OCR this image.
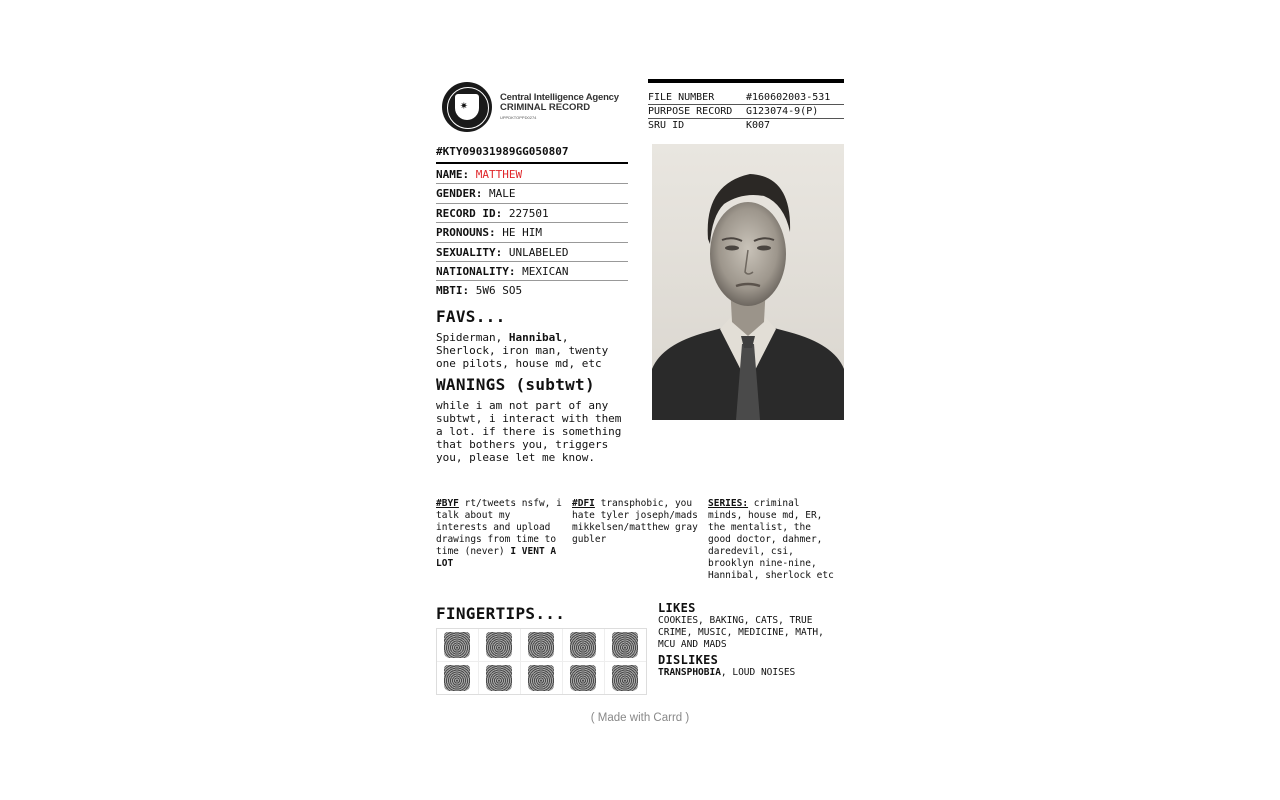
✷
Central Intelligence Agency
CRIMINAL RECORD
UPPDKTOPPD0274
FILE NUMBER	#160602003-531
PURPOSE RECORD	G123074-9(P)
SRU ID	K007
#KTY09031989GG050807
NAME: MATTHEW
GENDER: MALE
RECORD ID: 227501
PRONOUNS: HE HIM
SEXUALITY: UNLABELED
NATIONALITY: MEXICAN
MBTI: 5W6 SO5
FAVS...

Spiderman, Hannibal, Sherlock, iron man, twenty one pilots, house md, etc

WANINGS (subtwt)

while i am not part of any subtwt, i interact with them a lot. if there is something that bothers you, triggers you, please let me know.

#BYF rt/tweets nsfw, i talk about my interests and upload drawings from time to time (never) I VENT A LOT
#DFI transphobic, you hate tyler joseph/mads mikkelsen/matthew gray gubler
SERIES: criminal minds, house md, ER, the mentalist, the good doctor, dahmer, daredevil, csi, brooklyn nine-nine, Hannibal, sherlock etc
FINGERTIPS...	LIKES

COOKIES, BAKING, CATS, TRUE CRIME, MUSIC, MEDICINE, MATH, MCU AND MADS

DISLIKES

TRANSPHOBIA, LOUD NOISES

( Made with Carrd )
